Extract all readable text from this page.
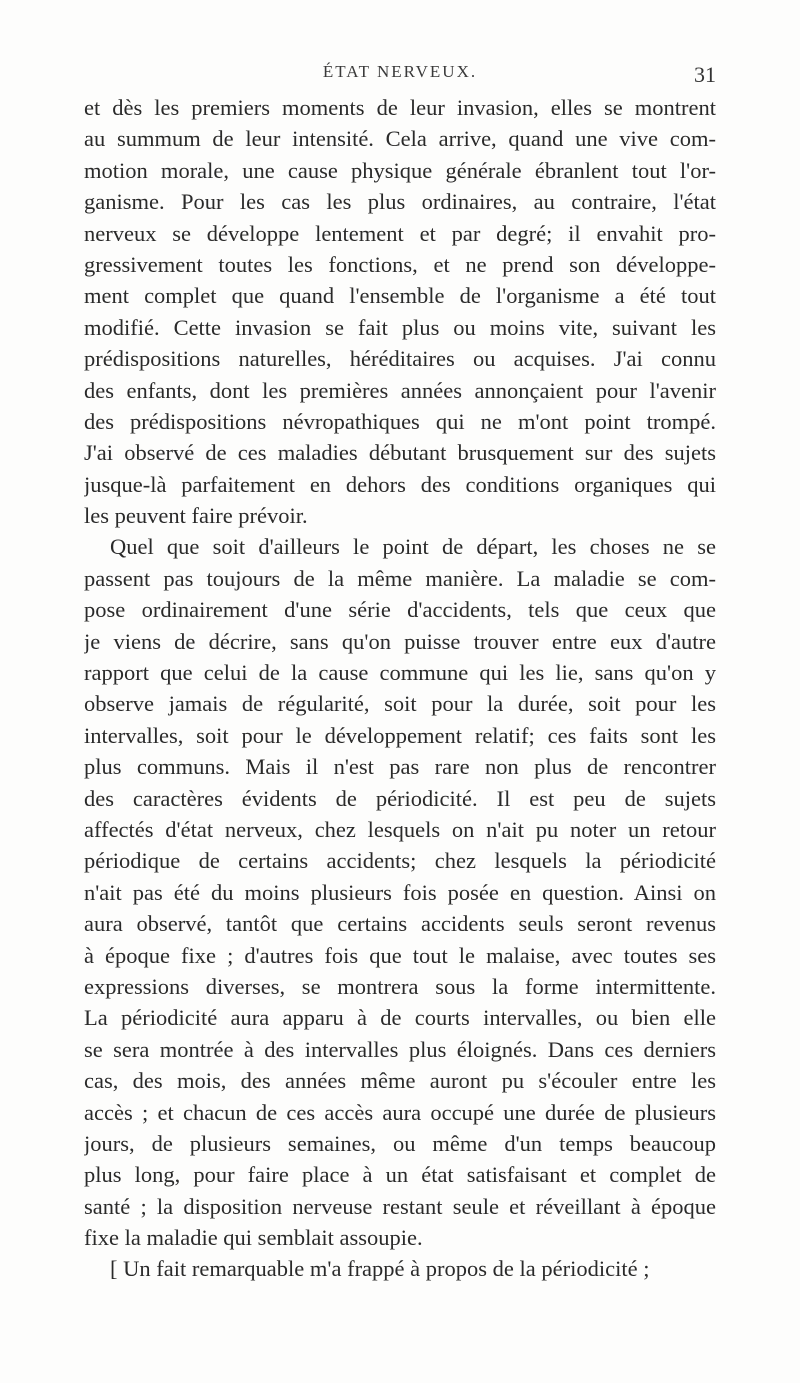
ÉTAT NERVEUX.	31
et dès les premiers moments de leur invasion, elles se montrent
au summum de leur intensité. Cela arrive, quand une vive com-
motion morale, une cause physique générale ébranlent tout l'or-
ganisme. Pour les cas les plus ordinaires, au contraire, l'état
nerveux se développe lentement et par degré; il envahit pro-
gressivement toutes les fonctions, et ne prend son développe-
ment complet que quand l'ensemble de l'organisme a été tout
modifié. Cette invasion se fait plus ou moins vite, suivant les
prédispositions naturelles, héréditaires ou acquises. J'ai connu
des enfants, dont les premières années annonçaient pour l'avenir
des prédispositions névropathiques qui ne m'ont point trompé.
J'ai observé de ces maladies débutant brusquement sur des sujets
jusque-là parfaitement en dehors des conditions organiques qui
les peuvent faire prévoir.
Quel que soit d'ailleurs le point de départ, les choses ne se
passent pas toujours de la même manière. La maladie se com-
pose ordinairement d'une série d'accidents, tels que ceux que
je viens de décrire, sans qu'on puisse trouver entre eux d'autre
rapport que celui de la cause commune qui les lie, sans qu'on y
observe jamais de régularité, soit pour la durée, soit pour les
intervalles, soit pour le développement relatif; ces faits sont les
plus communs. Mais il n'est pas rare non plus de rencontrer
des caractères évidents de périodicité. Il est peu de sujets
affectés d'état nerveux, chez lesquels on n'ait pu noter un retour
périodique de certains accidents; chez lesquels la périodicité
n'ait pas été du moins plusieurs fois posée en question. Ainsi on
aura observé, tantôt que certains accidents seuls seront revenus
à époque fixe ; d'autres fois que tout le malaise, avec toutes ses
expressions diverses, se montrera sous la forme intermittente.
La périodicité aura apparu à de courts intervalles, ou bien elle
se sera montrée à des intervalles plus éloignés. Dans ces derniers
cas, des mois, des années même auront pu s'écouler entre les
accès ; et chacun de ces accès aura occupé une durée de plusieurs
jours, de plusieurs semaines, ou même d'un temps beaucoup
plus long, pour faire place à un état satisfaisant et complet de
santé ; la disposition nerveuse restant seule et réveillant à époque
fixe la maladie qui semblait assoupie.
[ Un fait remarquable m'a frappé à propos de la périodicité ;
